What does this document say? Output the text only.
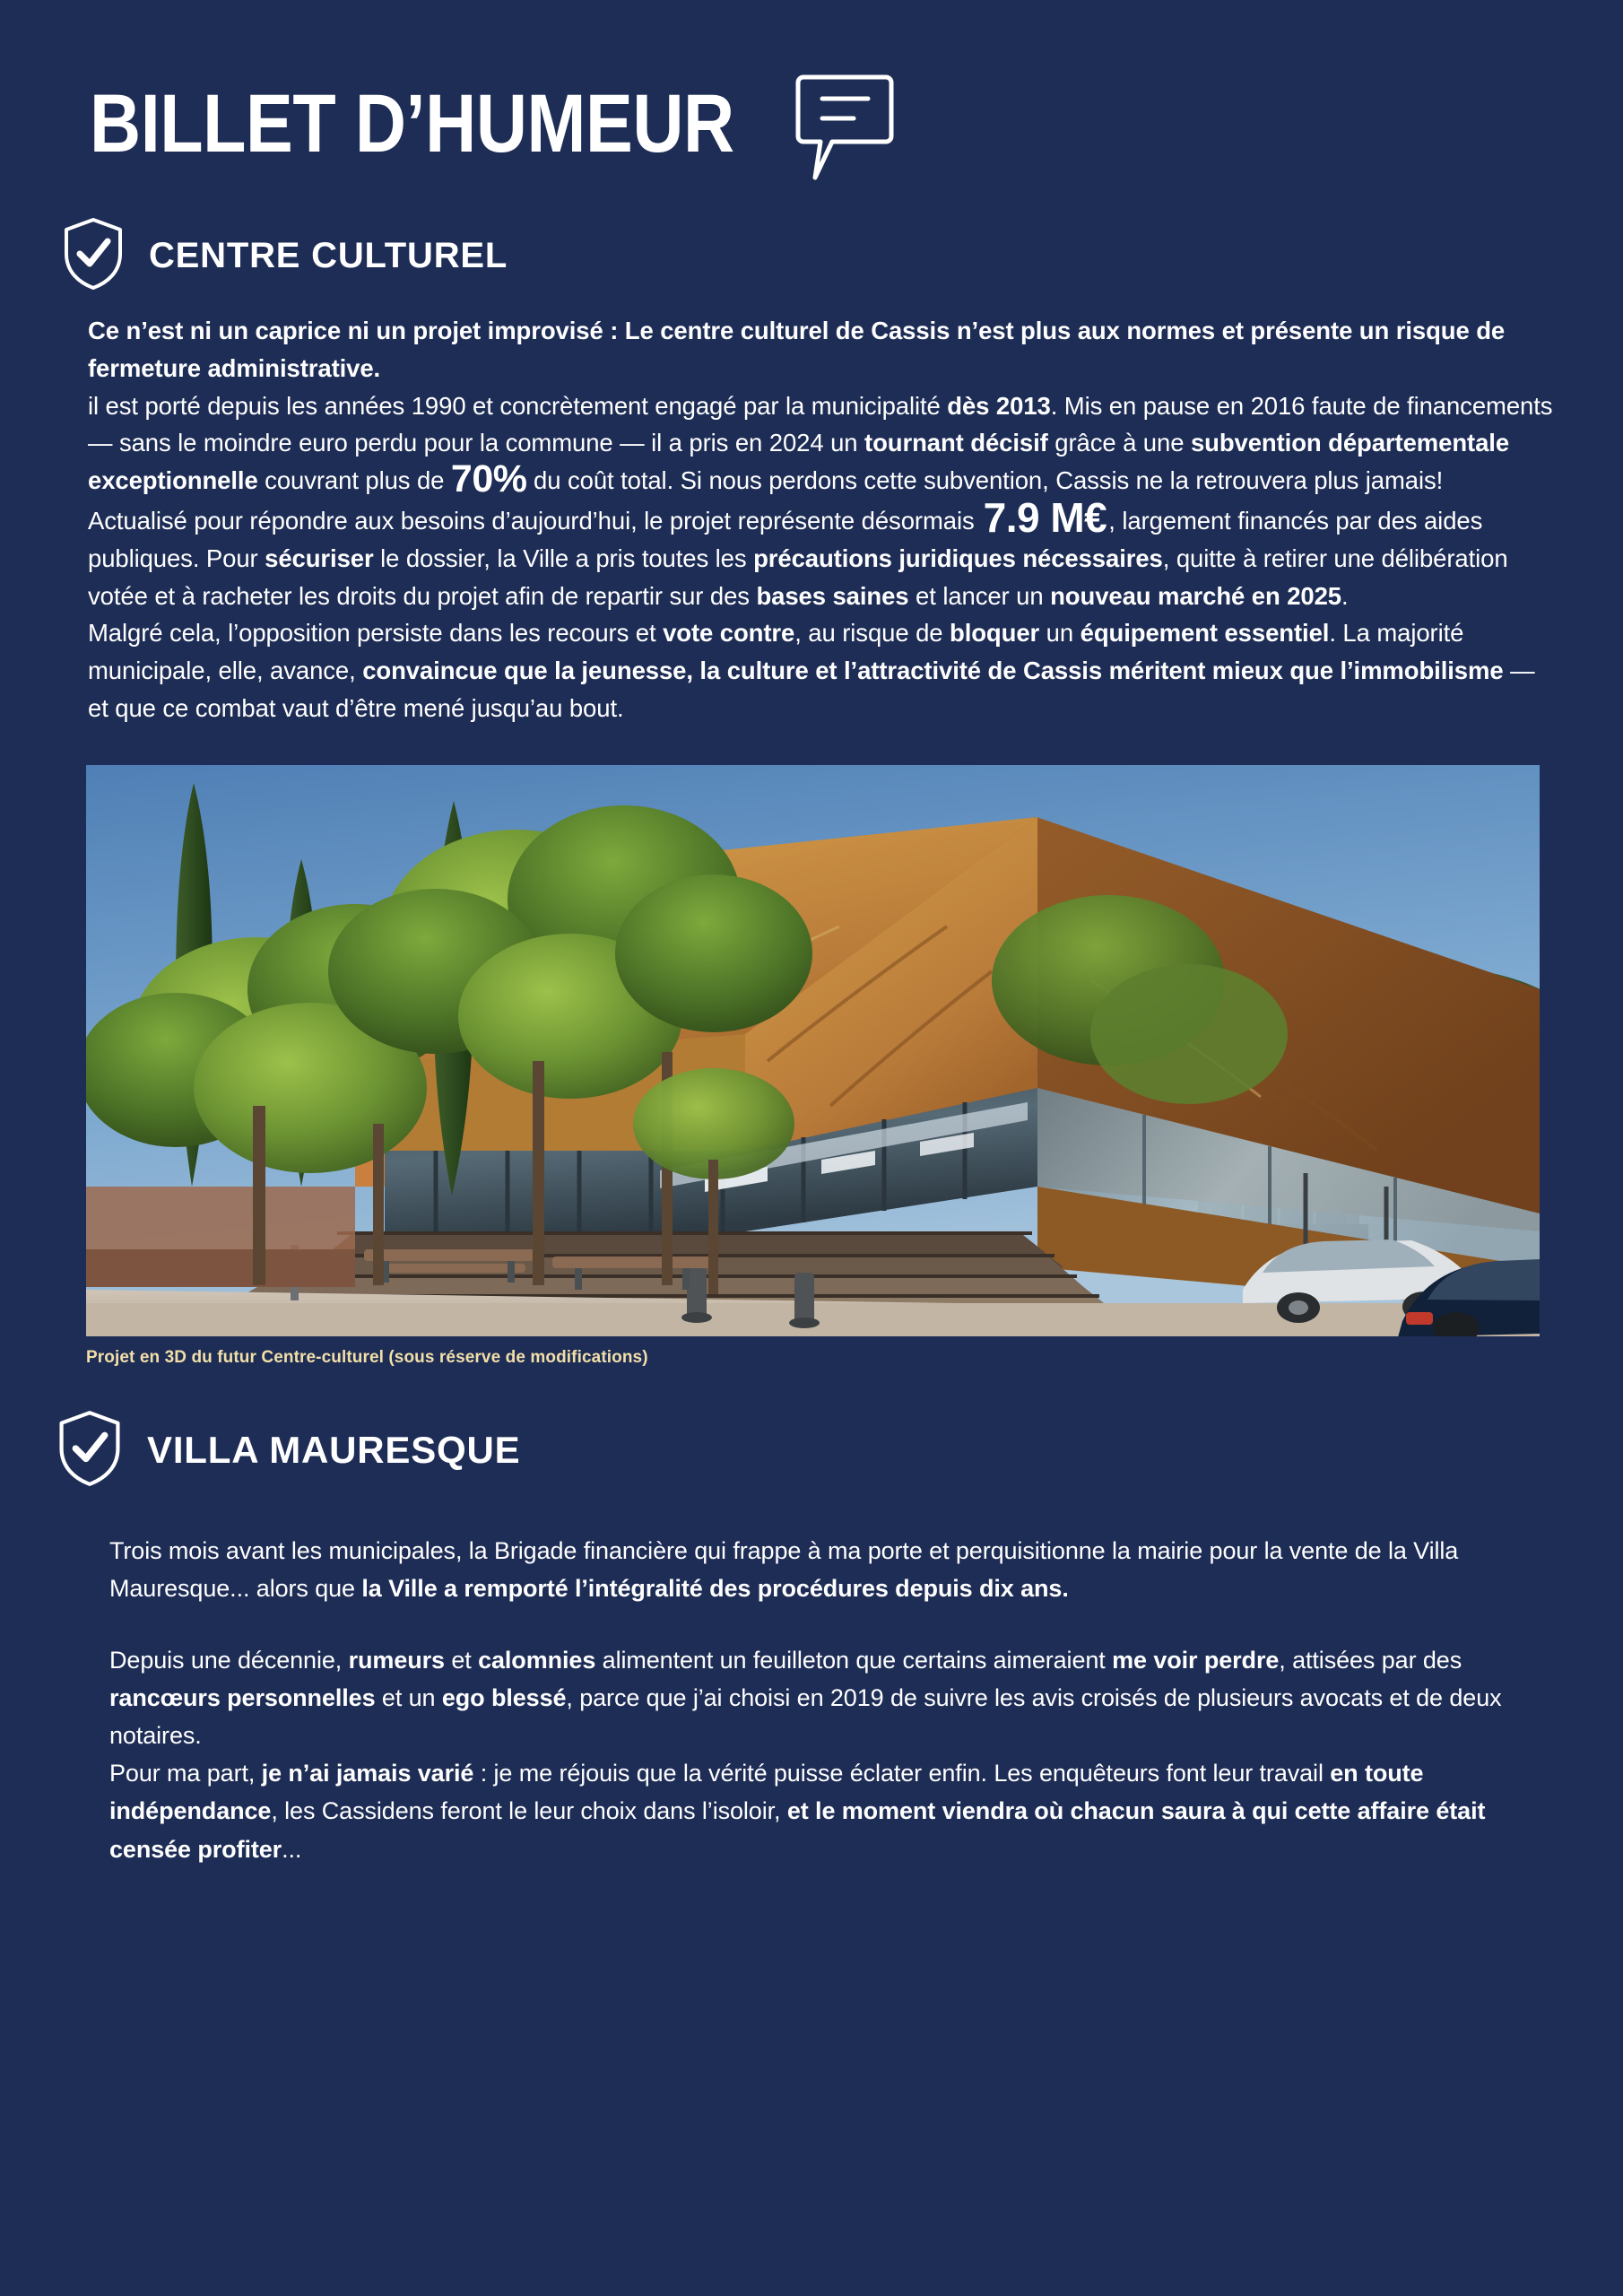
BILLET D’HUMEUR
CENTRE CULTUREL

Ce n’est ni un caprice ni un projet improvisé : Le centre culturel de Cassis n’est plus aux normes et présente un risque de fermeture administrative.

il est porté depuis les années 1990 et concrètement engagé par la municipalité dès 2013. Mis en pause en 2016 faute de financements — sans le moindre euro perdu pour la commune — il a pris en 2024 un tournant décisif grâce à une subvention départementale exceptionnelle couvrant plus de 70% du coût total. Si nous perdons cette subvention, Cassis ne la retrouvera plus jamais!

Actualisé pour répondre aux besoins d’aujourd’hui, le projet représente désormais 7.9 M€, largement financés par des aides publiques. Pour sécuriser le dossier, la Ville a pris toutes les précautions juridiques nécessaires, quitte à retirer une délibération votée et à racheter les droits du projet afin de repartir sur des bases saines et lancer un nouveau marché en 2025.

Malgré cela, l’opposition persiste dans les recours et vote contre, au risque de bloquer un équipement essentiel. La majorité municipale, elle, avance, convaincue que la jeunesse, la culture et l’attractivité de Cassis méritent mieux que l’immobilisme — et que ce combat vaut d’être mené jusqu’au bout.

Projet en 3D du futur Centre-culturel (sous réserve de modifications)
VILLA MAURESQUE

Trois mois avant les municipales, la Brigade financière qui frappe à ma porte et perquisitionne la mairie pour la vente de la Villa Mauresque... alors que la Ville a remporté l’intégralité des procédures depuis dix ans.

Depuis une décennie, rumeurs et calomnies alimentent un feuilleton que certains aimeraient me voir perdre, attisées par des rancœurs personnelles et un ego blessé, parce que j’ai choisi en 2019 de suivre les avis croisés de plusieurs avocats et de deux notaires.

Pour ma part, je n’ai jamais varié : je me réjouis que la vérité puisse éclater enfin. Les enquêteurs font leur travail en toute indépendance, les Cassidens feront le leur choix dans l’isoloir, et le moment viendra où chacun saura à qui cette affaire était censée profiter...
